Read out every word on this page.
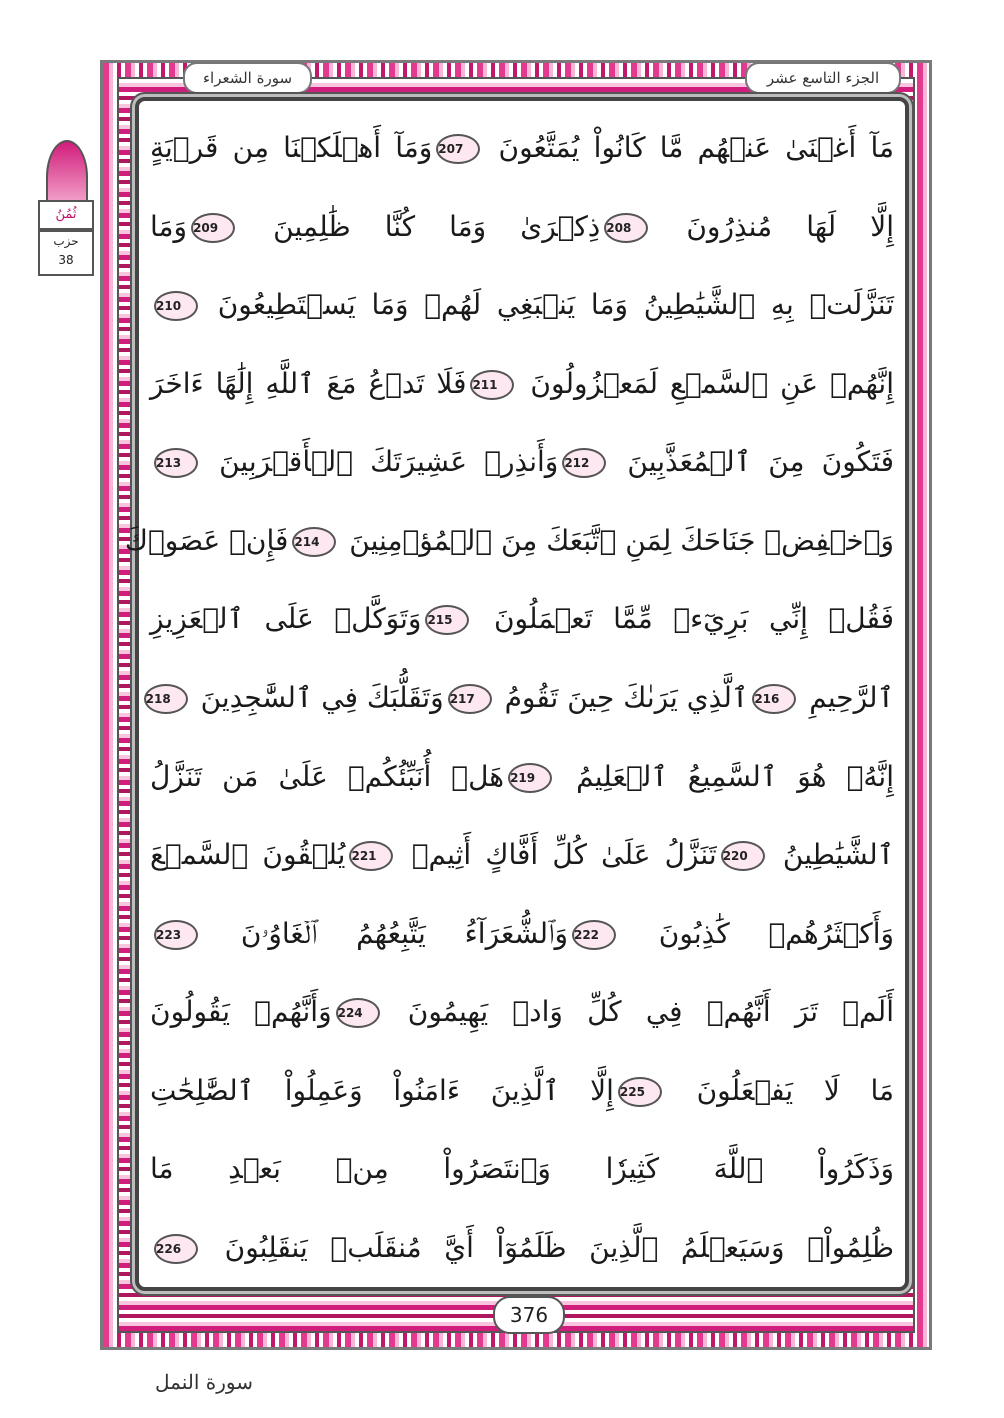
الجزء التاسع عشر
سورة الشعراء
ثُمُنُ
حزب
38
مَآ أَغۡنَىٰ عَنۡهُم مَّا كَانُواْ يُمَتَّعُونَ 207وَمَآ أَهۡلَكۡنَا مِن قَرۡيَةٍ
إِلَّا لَهَا مُنذِرُونَ 208ذِكۡرَىٰ وَمَا كُنَّا ظَٰلِمِينَ 209وَمَا
تَنَزَّلَتۡ بِهِ ٱلشَّيَٰطِينُ وَمَا يَنۢبَغِي لَهُمۡ وَمَا يَسۡتَطِيعُونَ 210
إِنَّهُمۡ عَنِ ٱلسَّمۡعِ لَمَعۡزُولُونَ 211فَلَا تَدۡعُ مَعَ ٱللَّهِ إِلَٰهًا ءَاخَرَ
فَتَكُونَ مِنَ ٱلۡمُعَذَّبِينَ 212وَأَنذِرۡ عَشِيرَتَكَ ٱلۡأَقۡرَبِينَ 213
وَٱخۡفِضۡ جَنَاحَكَ لِمَنِ ٱتَّبَعَكَ مِنَ ٱلۡمُؤۡمِنِينَ 214فَإِنۡ عَصَوۡكَ
فَقُلۡ إِنِّي بَرِيٓءٞ مِّمَّا تَعۡمَلُونَ 215وَتَوَكَّلۡ عَلَى ٱلۡعَزِيزِ
ٱلرَّحِيمِ 216ٱلَّذِي يَرَىٰكَ حِينَ تَقُومُ 217وَتَقَلُّبَكَ فِي ٱلسَّٰجِدِينَ 218
إِنَّهُۥ هُوَ ٱلسَّمِيعُ ٱلۡعَلِيمُ 219هَلۡ أُنَبِّئُكُمۡ عَلَىٰ مَن تَنَزَّلُ
ٱلشَّيَٰطِينُ 220تَنَزَّلُ عَلَىٰ كُلِّ أَفَّاكٍ أَثِيمٖ 221يُلۡقُونَ ٱلسَّمۡعَ
وَأَكۡثَرُهُمۡ كَٰذِبُونَ 222وَٱلشُّعَرَآءُ يَتَّبِعُهُمُ ٱلۡغَاوُۥنَ 223
أَلَمۡ تَرَ أَنَّهُمۡ فِي كُلِّ وَادٖ يَهِيمُونَ 224وَأَنَّهُمۡ يَقُولُونَ
مَا لَا يَفۡعَلُونَ 225إِلَّا ٱلَّذِينَ ءَامَنُواْ وَعَمِلُواْ ٱلصَّٰلِحَٰتِ
وَذَكَرُواْ ٱللَّهَ كَثِيرٗا وَٱنتَصَرُواْ مِنۢ بَعۡدِ مَا
ظُلِمُواْۗ وَسَيَعۡلَمُ ٱلَّذِينَ ظَلَمُوٓاْ أَيَّ مُنقَلَبٖ يَنقَلِبُونَ 226
376
سورة النمل
